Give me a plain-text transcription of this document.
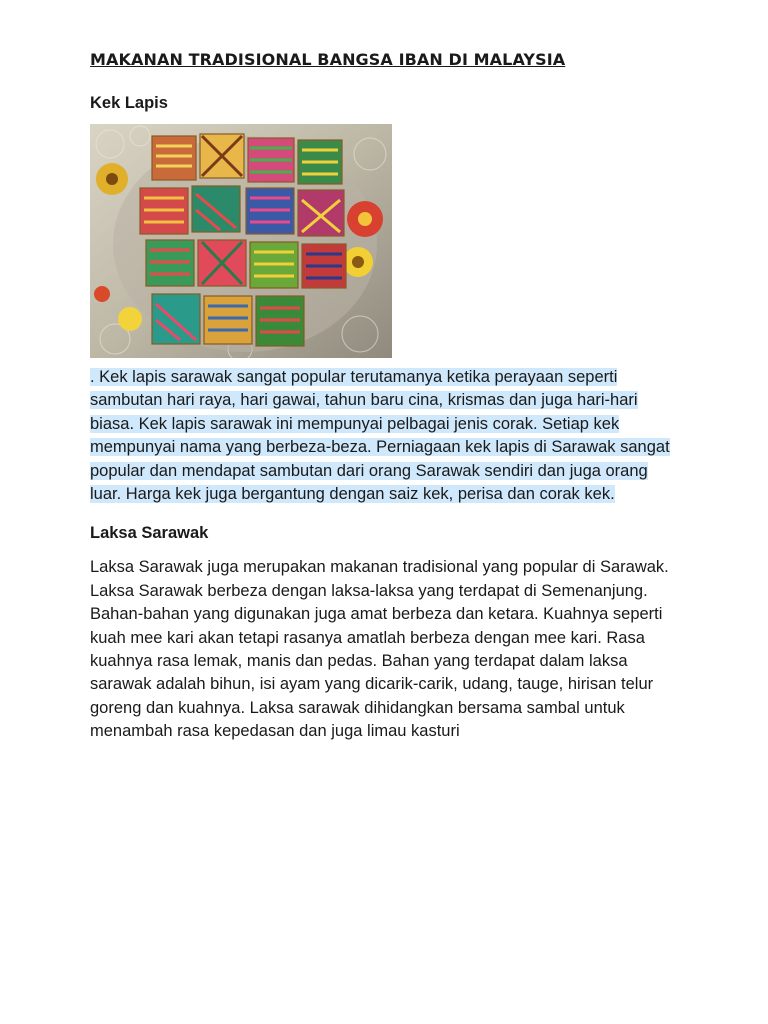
MAKANAN TRADISIONAL BANGSA IBAN DI MALAYSIA
Kek Lapis

. Kek lapis sarawak sangat popular terutamanya ketika perayaan seperti sambutan hari raya, hari gawai, tahun baru cina, krismas dan juga hari-hari biasa. Kek lapis sarawak ini mempunyai pelbagai jenis corak. Setiap kek mempunyai nama yang berbeza-beza. Perniagaan kek lapis di Sarawak sangat popular dan mendapat sambutan dari orang Sarawak sendiri dan juga orang luar. Harga kek juga bergantung dengan saiz kek, perisa dan corak kek.

Laksa Sarawak

Laksa Sarawak juga merupakan makanan tradisional yang popular di Sarawak. Laksa Sarawak berbeza dengan laksa-laksa yang terdapat di Semenanjung. Bahan-bahan yang digunakan juga amat berbeza dan ketara. Kuahnya seperti kuah mee kari akan tetapi rasanya amatlah berbeza dengan mee kari. Rasa kuahnya rasa lemak, manis dan pedas. Bahan yang terdapat dalam laksa sarawak adalah bihun, isi ayam yang dicarik-carik, udang, tauge, hirisan telur goreng dan kuahnya. Laksa sarawak dihidangkan bersama sambal untuk menambah rasa kepedasan dan juga limau kasturi
